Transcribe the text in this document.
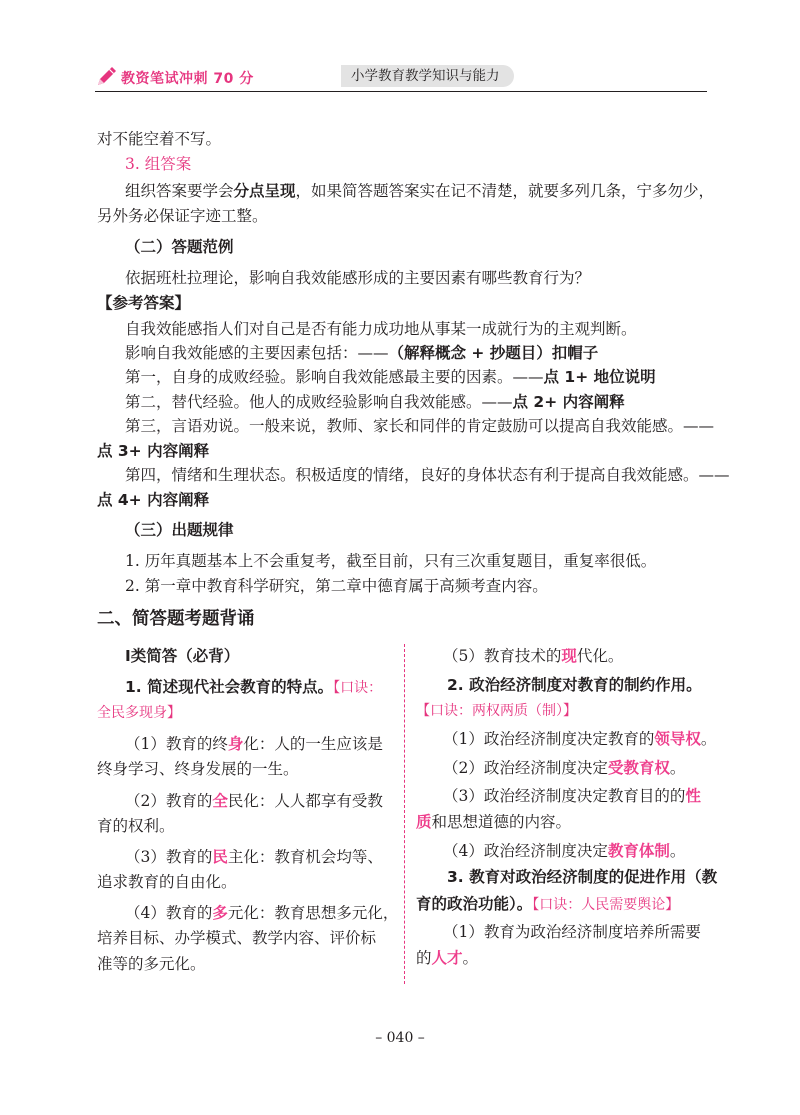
教资笔试冲刺 70 分	小学教育教学知识与能力
对不能空着不写。
3. 组答案
组织答案要学会分点呈现，如果简答题答案实在记不清楚，就要多列几条，宁多勿少，
另外务必保证字迹工整。
（二）答题范例
依据班杜拉理论，影响自我效能感形成的主要因素有哪些教育行为？
【参考答案】
自我效能感指人们对自己是否有能力成功地从事某一成就行为的主观判断。
影响自我效能感的主要因素包括：——（解释概念 + 抄题目）扣帽子
第一，自身的成败经验。影响自我效能感最主要的因素。——点 1+ 地位说明
第二，替代经验。他人的成败经验影响自我效能感。——点 2+ 内容阐释
第三，言语劝说。一般来说，教师、家长和同伴的肯定鼓励可以提高自我效能感。——
点 3+ 内容阐释
第四，情绪和生理状态。积极适度的情绪，良好的身体状态有利于提高自我效能感。——
点 4+ 内容阐释
（三）出题规律
1. 历年真题基本上不会重复考，截至目前，只有三次重复题目，重复率很低。
2. 第一章中教育科学研究，第二章中德育属于高频考查内容。
二、简答题考题背诵
Ⅰ类简答（必背）
1. 简述现代社会教育的特点。【口诀：
全民多现身】
（1）教育的终身化：人的一生应该是
终身学习、终身发展的一生。
（2）教育的全民化：人人都享有受教
育的权利。
（3）教育的民主化：教育机会均等、
追求教育的自由化。
（4）教育的多元化：教育思想多元化，
培养目标、办学模式、教学内容、评价标
准等的多元化。
（5）教育技术的现代化。
2. 政治经济制度对教育的制约作用。
【口诀：两权两质（制）】
（1）政治经济制度决定教育的领导权。
（2）政治经济制度决定受教育权。
（3）政治经济制度决定教育目的的性
质和思想道德的内容。
（4）政治经济制度决定教育体制。
3. 教育对政治经济制度的促进作用（教
育的政治功能）。【口诀：人民需要舆论】
（1）教育为政治经济制度培养所需要
的人才。
– 040 –
